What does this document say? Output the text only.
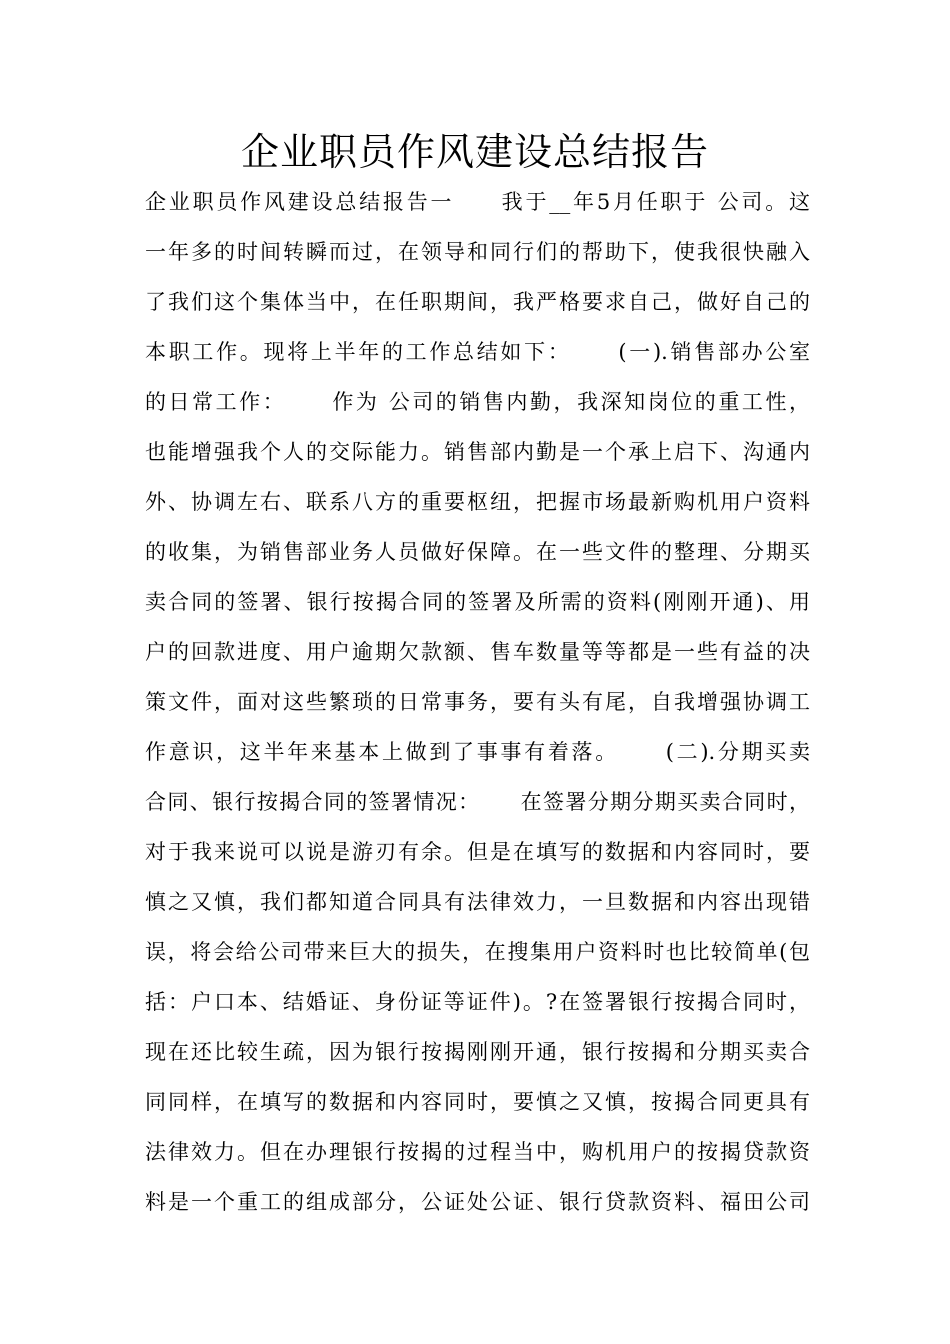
企业职员作风建设总结报告
企业职员作风建设总结报告一     我于__年5月任职于 公司。这
一年多的时间转瞬而过，在领导和同行们的帮助下，使我很快融入
了我们这个集体当中，在任职期间，我严格要求自己，做好自己的
本职工作。现将上半年的工作总结如下：     (一).销售部办公室
的日常工作：     作为 公司的销售内勤，我深知岗位的重工性，
也能增强我个人的交际能力。销售部内勤是一个承上启下、沟通内
外、协调左右、联系八方的重要枢纽，把握市场最新购机用户资料
的收集，为销售部业务人员做好保障。在一些文件的整理、分期买
卖合同的签署、银行按揭合同的签署及所需的资料(刚刚开通)、用
户的回款进度、用户逾期欠款额、售车数量等等都是一些有益的决
策文件，面对这些繁琐的日常事务，要有头有尾，自我增强协调工
作意识，这半年来基本上做到了事事有着落。     (二).分期买卖
合同、银行按揭合同的签署情况：     在签署分期分期买卖合同时，
对于我来说可以说是游刃有余。但是在填写的数据和内容同时，要
慎之又慎，我们都知道合同具有法律效力，一旦数据和内容出现错
误，将会给公司带来巨大的损失，在搜集用户资料时也比较简单(包
括：户口本、结婚证、身份证等证件)。?在签署银行按揭合同时，
现在还比较生疏，因为银行按揭刚刚开通，银行按揭和分期买卖合
同同样，在填写的数据和内容同时，要慎之又慎，按揭合同更具有
法律效力。但在办理银行按揭的过程当中，购机用户的按揭贷款资
料是一个重工的组成部分，公证处公证、银行贷款资料、福田公司
